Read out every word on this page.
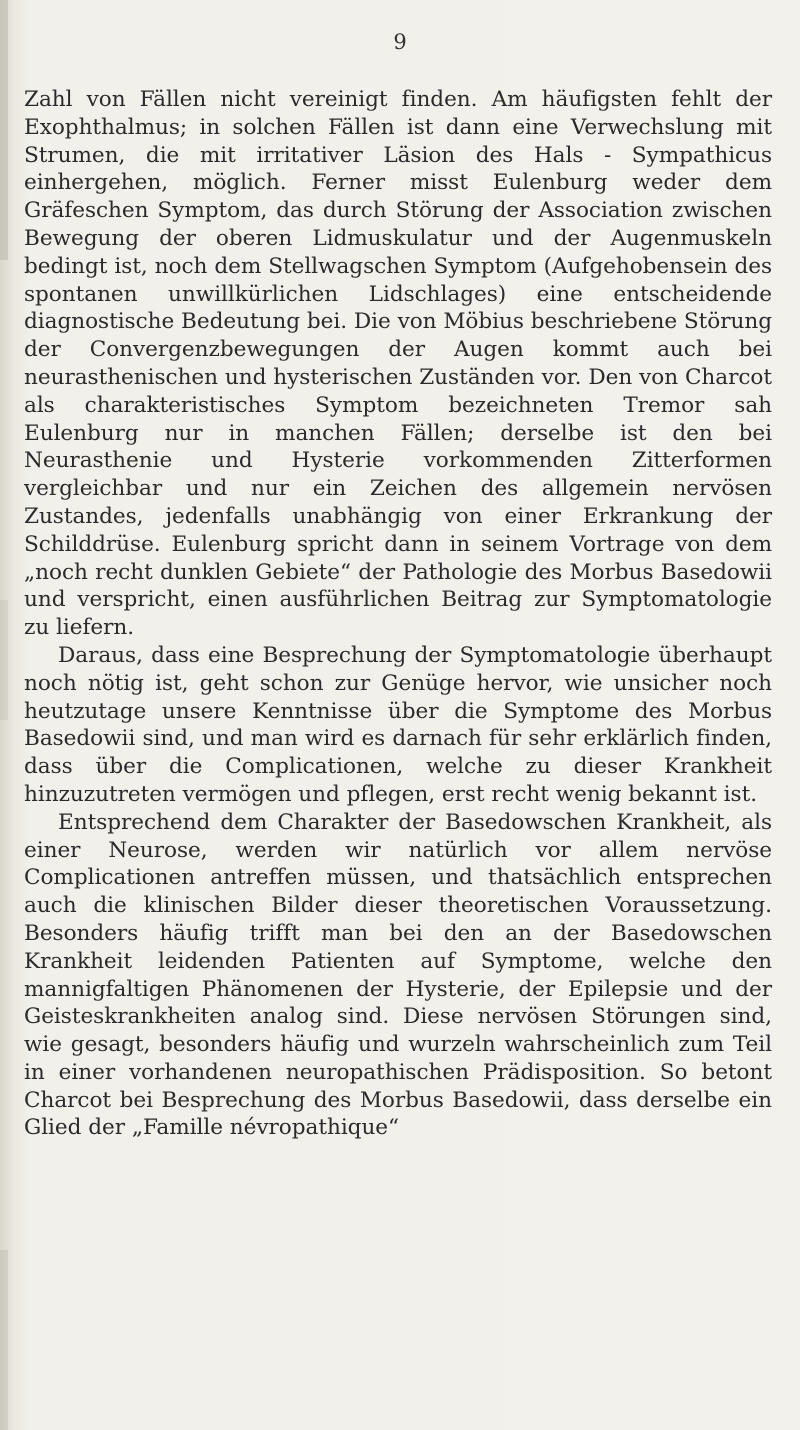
9

Zahl von Fällen nicht vereinigt finden. Am häufigsten fehlt der Exophthalmus; in solchen Fällen ist dann eine Verwechslung mit Strumen, die mit irritativer Läsion des Hals - Sympathicus einhergehen, möglich. Ferner misst Eulenburg weder dem Gräfeschen Symptom, das durch Störung der Association zwischen Bewegung der oberen Lidmuskulatur und der Augenmuskeln bedingt ist, noch dem Stellwagschen Symptom (Aufgehobensein des spontanen unwillkürlichen Lidschlages) eine entscheidende diagnostische Bedeutung bei. Die von Möbius beschriebene Störung der Convergenzbewegungen der Augen kommt auch bei neurasthenischen und hysterischen Zuständen vor. Den von Charcot als charakteristisches Symptom bezeichneten Tremor sah Eulenburg nur in manchen Fällen; derselbe ist den bei Neurasthenie und Hysterie vorkommenden Zitterformen vergleichbar und nur ein Zeichen des allgemein nervösen Zustandes, jedenfalls unabhängig von einer Erkrankung der Schilddrüse. Eulenburg spricht dann in seinem Vortrage von dem „noch recht dunklen Gebiete“ der Pathologie des Morbus Basedowii und verspricht, einen ausführlichen Beitrag zur Symptomatologie zu liefern.

Daraus, dass eine Besprechung der Symptomatologie überhaupt noch nötig ist, geht schon zur Genüge hervor, wie unsicher noch heutzutage unsere Kenntnisse über die Symptome des Morbus Basedowii sind, und man wird es darnach für sehr erklärlich finden, dass über die Complicationen, welche zu dieser Krankheit hinzuzutreten vermögen und pflegen, erst recht wenig bekannt ist.

Entsprechend dem Charakter der Basedowschen Krankheit, als einer Neurose, werden wir natürlich vor allem nervöse Complicationen antreffen müssen, und thatsächlich entsprechen auch die klinischen Bilder dieser theoretischen Voraussetzung. Besonders häufig trifft man bei den an der Basedowschen Krankheit leidenden Patienten auf Symptome, welche den mannigfaltigen Phänomenen der Hysterie, der Epilepsie und der Geisteskrankheiten analog sind. Diese nervösen Störungen sind, wie gesagt, besonders häufig und wurzeln wahrscheinlich zum Teil in einer vorhandenen neuropathischen Prädisposition. So betont Charcot bei Besprechung des Morbus Basedowii, dass derselbe ein Glied der „Famille névropathique“
